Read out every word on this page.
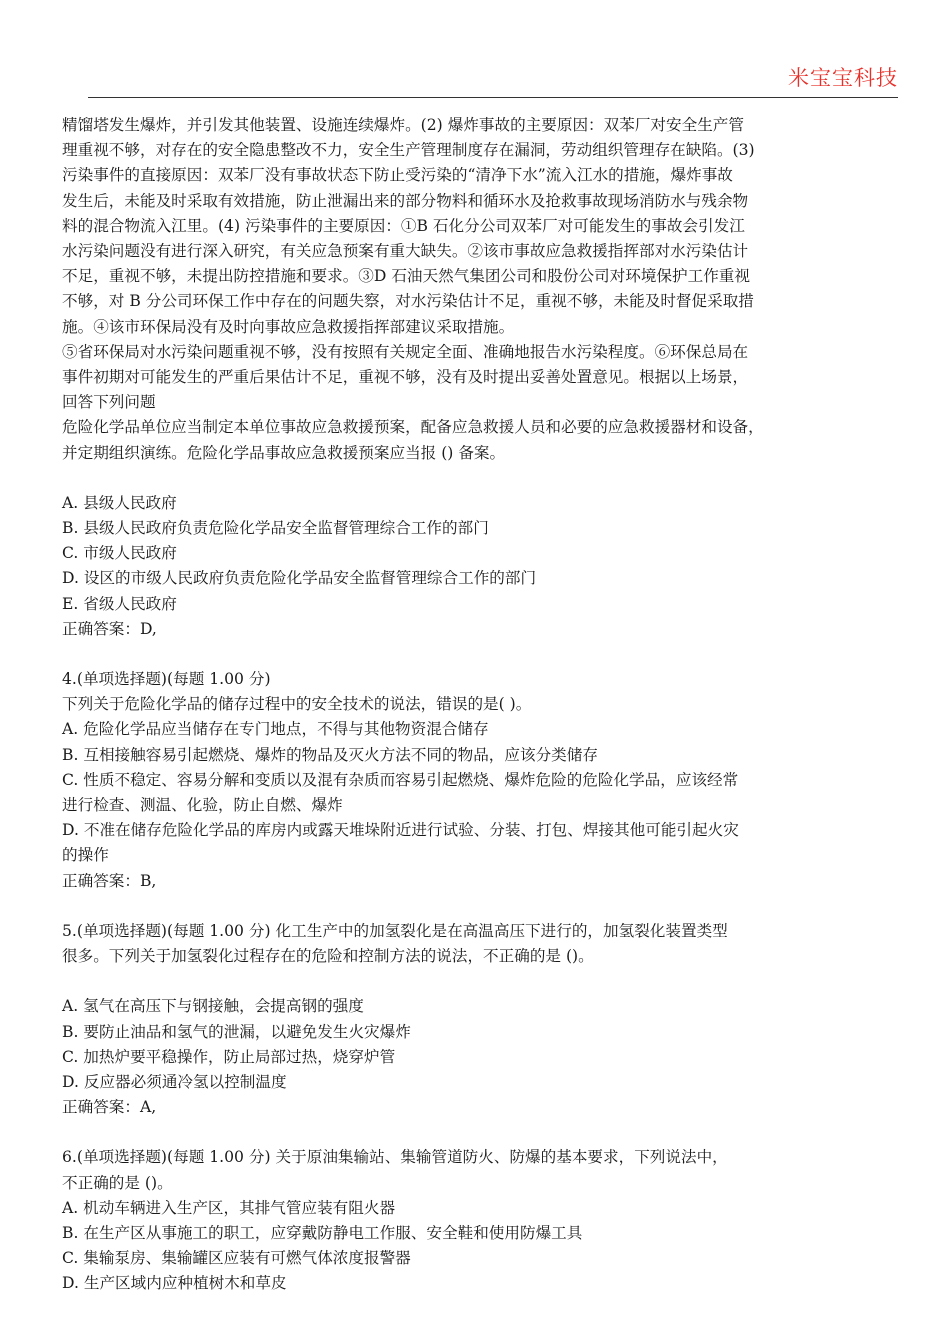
米宝宝科技

精馏塔发生爆炸，并引发其他装置、设施连续爆炸。(2) 爆炸事故的主要原因：双苯厂对安全生产管

理重视不够，对存在的安全隐患整改不力，安全生产管理制度存在漏洞，劳动组织管理存在缺陷。(3)

污染事件的直接原因：双苯厂没有事故状态下防止受污染的“清净下水”流入江水的措施，爆炸事故

发生后，未能及时采取有效措施，防止泄漏出来的部分物料和循环水及抢救事故现场消防水与残余物

料的混合物流入江里。(4) 污染事件的主要原因：①B 石化分公司双苯厂对可能发生的事故会引发江

水污染问题没有进行深入研究，有关应急预案有重大缺失。②该市事故应急救援指挥部对水污染估计

不足，重视不够，未提出防控措施和要求。③D 石油天然气集团公司和股份公司对环境保护工作重视

不够，对 B 分公司环保工作中存在的问题失察，对水污染估计不足，重视不够，未能及时督促采取措

施。④该市环保局没有及时向事故应急救援指挥部建议采取措施。

⑤省环保局对水污染问题重视不够，没有按照有关规定全面、准确地报告水污染程度。⑥环保总局在

事件初期对可能发生的严重后果估计不足，重视不够，没有及时提出妥善处置意见。根据以上场景，

回答下列问题

危险化学品单位应当制定本单位事故应急救援预案，配备应急救援人员和必要的应急救援器材和设备，

并定期组织演练。危险化学品事故应急救援预案应当报 () 备案。

A. 县级人民政府

B. 县级人民政府负责危险化学品安全监督管理综合工作的部门

C. 市级人民政府

D. 设区的市级人民政府负责危险化学品安全监督管理综合工作的部门

E. 省级人民政府

正确答案：D,

4.(单项选择题)(每题 1.00 分)

下列关于危险化学品的储存过程中的安全技术的说法，错误的是( )。

A. 危险化学品应当储存在专门地点，不得与其他物资混合储存

B. 互相接触容易引起燃烧、爆炸的物品及灭火方法不同的物品，应该分类储存

C. 性质不稳定、容易分解和变质以及混有杂质而容易引起燃烧、爆炸危险的危险化学品，应该经常

进行检查、测温、化验，防止自燃、爆炸

D. 不准在储存危险化学品的库房内或露天堆垛附近进行试验、分装、打包、焊接其他可能引起火灾

的操作

正确答案：B,

5.(单项选择题)(每题 1.00 分) 化工生产中的加氢裂化是在高温高压下进行的，加氢裂化装置类型

很多。下列关于加氢裂化过程存在的危险和控制方法的说法，不正确的是 ()。

A. 氢气在高压下与钢接触，会提高钢的强度

B. 要防止油品和氢气的泄漏，以避免发生火灾爆炸

C. 加热炉要平稳操作，防止局部过热，烧穿炉管

D. 反应器必须通冷氢以控制温度

正确答案：A,

6.(单项选择题)(每题 1.00 分) 关于原油集输站、集输管道防火、防爆的基本要求，下列说法中，

不正确的是 ()。

A. 机动车辆进入生产区，其排气管应装有阻火器

B. 在生产区从事施工的职工，应穿戴防静电工作服、安全鞋和使用防爆工具

C. 集输泵房、集输罐区应装有可燃气体浓度报警器

D. 生产区域内应种植树木和草皮
